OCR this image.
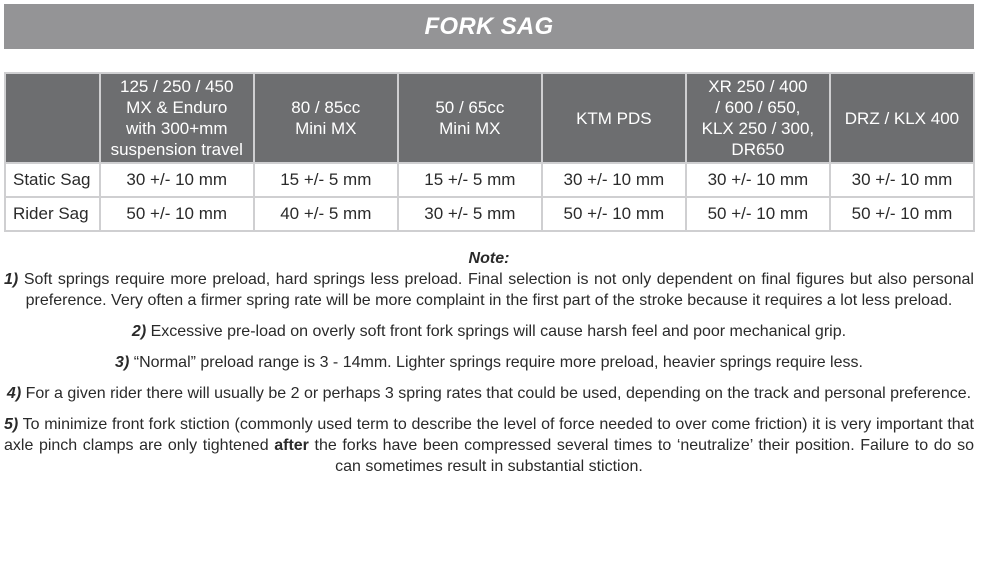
FORK SAG
	125 / 250 / 450
MX & Enduro
with 300+mm
suspension travel	80 / 85cc
Mini MX	50 / 65cc
Mini MX	KTM PDS	XR 250 / 400
/ 600 / 650,
KLX 250 / 300,
DR650	DRZ / KLX 400
Static Sag	30 +/- 10 mm	15 +/- 5 mm	15 +/- 5 mm	30 +/- 10 mm	30 +/- 10 mm	30 +/- 10 mm
Rider Sag	50 +/- 10 mm	40 +/- 5 mm	30 +/- 5 mm	50 +/- 10 mm	50 +/- 10 mm	50 +/- 10 mm

Note:

1) Soft springs require more preload, hard springs less preload. Final selection is not only dependent on final figures but also personal preference. Very often a firmer spring rate will be more complaint in the first part of the stroke because it requires a lot less preload.

2) Excessive pre-load on overly soft front fork springs will cause harsh feel and poor mechanical grip.

3) “Normal” preload range is 3 - 14mm. Lighter springs require more preload, heavier springs require less.

4) For a given rider there will usually be 2 or perhaps 3 spring rates that could be used, depending on the track and personal preference.

5) To minimize front fork stiction (commonly used term to describe the level of force needed to over come friction) it is very important that axle pinch clamps are only tightened after the forks have been compressed several times to ‘neutralize’ their position. Failure to do so can sometimes result in substantial stiction.
